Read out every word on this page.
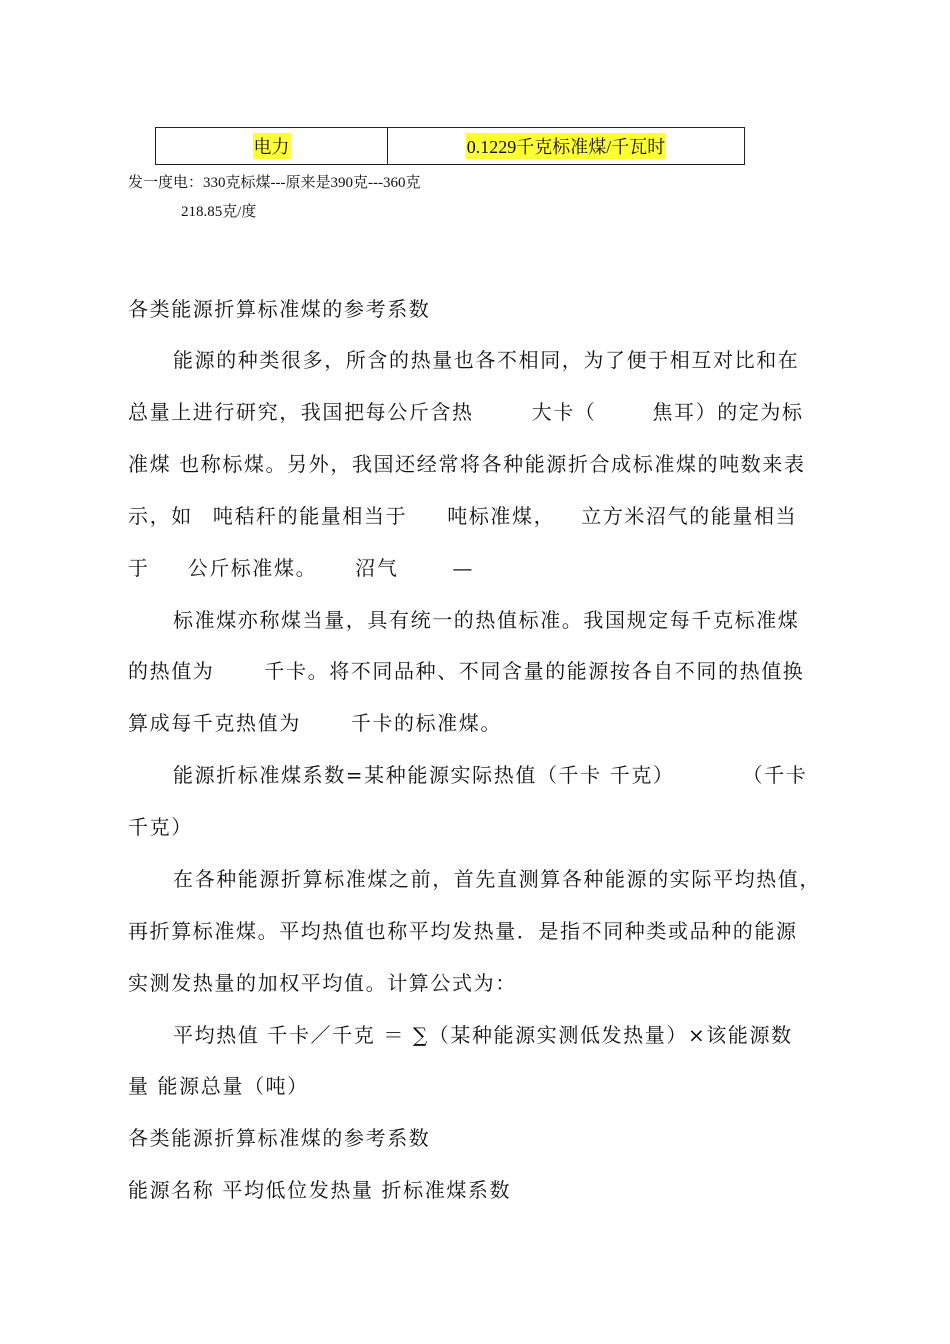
电力	0.1229千克标准煤/千瓦时
发一度电：330克标煤---原来是390克---360克
218.85克/度
各类能源折算标准煤的参考系数
能源的种类很多，所含的热量也各不相同，为了便于相互对比和在
总量上进行研究，我国把每公斤含热	大卡（	焦耳）的定为标
准煤 也称标煤。另外，我国还经常将各种能源折合成标准煤的吨数来表
示，如 吨秸秆的能量相当于 吨标准煤， 立方米沼气的能量相当
于 公斤标准煤。 沼气	—
标准煤亦称煤当量，具有统一的热值标准。我国规定每千克标准煤
的热值为	千卡。将不同品种、不同含量的能源按各自不同的热值换
算成每千克热值为	千卡的标准煤。
能源折标准煤系数=某种能源实际热值（千卡 千克）	（千卡
千克）
在各种能源折算标准煤之前，首先直测算各种能源的实际平均热值，
再折算标准煤。平均热值也称平均发热量．是指不同种类或品种的能源
实测发热量的加权平均值。计算公式为：
平均热值 千卡／千克 ＝ ∑（某种能源实测低发热量）×该能源数
量 能源总量（吨）
各类能源折算标准煤的参考系数
能源名称 平均低位发热量 折标准煤系数
